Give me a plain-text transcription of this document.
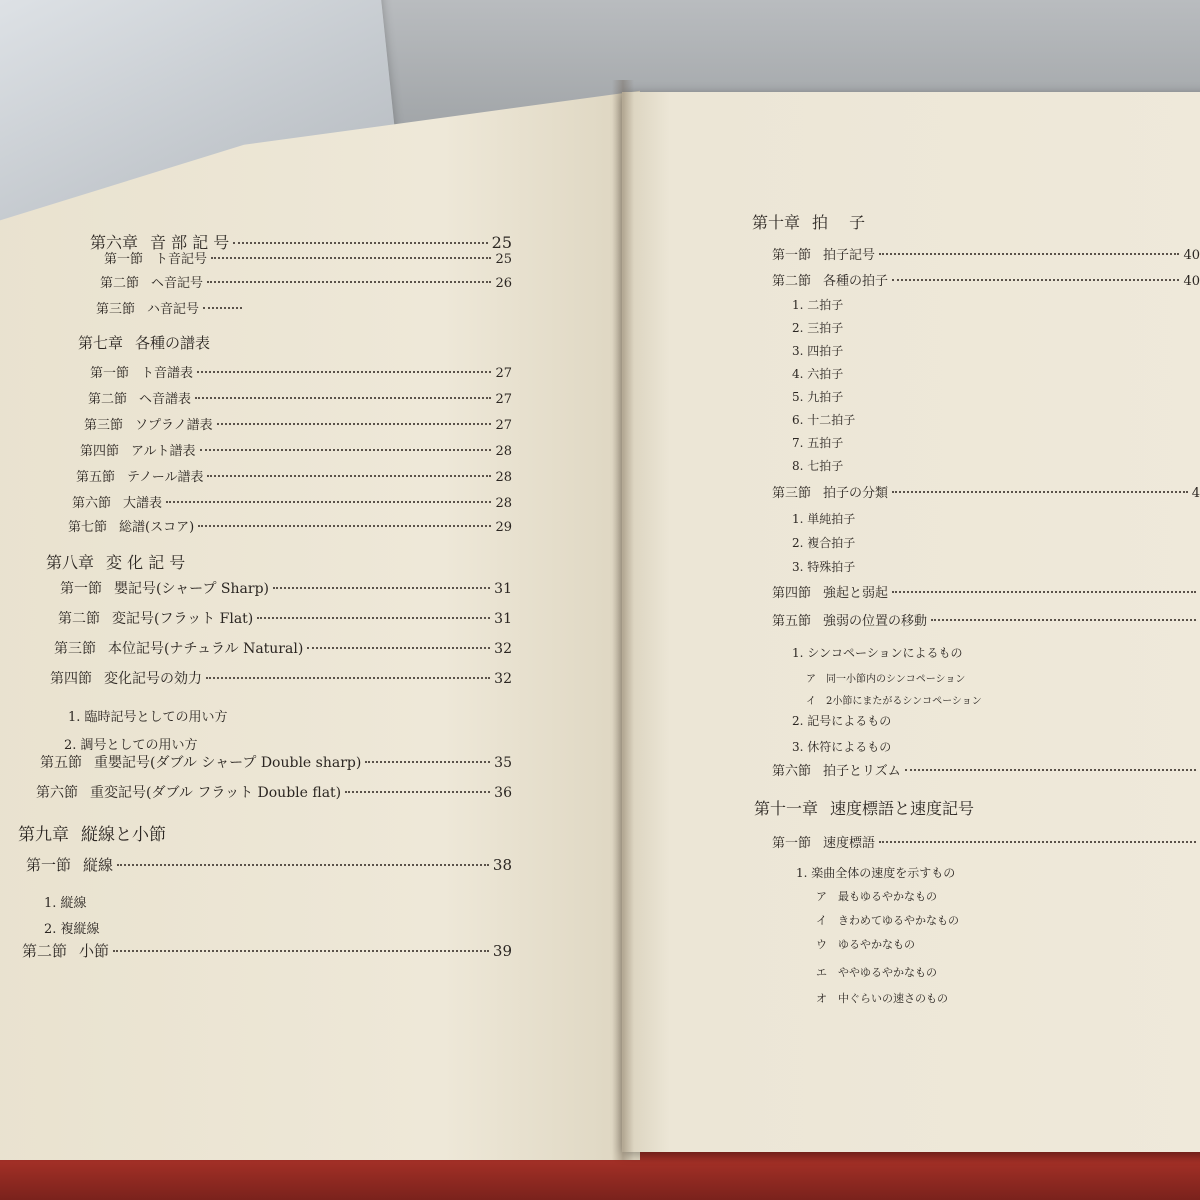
第六章 音 部 記 号	25
第一節 ト音記号	25
第二節 ヘ音記号	26
第三節 ハ音記号
第七章 各種の譜表
第一節 ト音譜表	27
第二節 ヘ音譜表	27
第三節 ソプラノ譜表	27
第四節 アルト譜表	28
第五節 テノール譜表	28
第六節 大譜表	28
第七節 総譜(スコア)	29
第八章 変 化 記 号
第一節 嬰記号(シャープ Sharp)	31
第二節 変記号(フラット Flat)	31
第三節 本位記号(ナチュラル Natural)	32
第四節 変化記号の効力	32
1. 臨時記号としての用い方
2. 調号としての用い方
第五節 重嬰記号(ダブル シャープ Double sharp)	35
第六節 重変記号(ダブル フラット Double flat)	36
第九章 縦線と小節
第一節 縦線	38
1. 縦線
2. 複縦線
第二節 小節	39
第十章 拍　 子
第一節 拍子記号	40
第二節 各種の拍子	40
1. 二拍子
2. 三拍子
3. 四拍子
4. 六拍子
5. 九拍子
6. 十二拍子
7. 五拍子
8. 七拍子
第三節 拍子の分類	4
1. 単純拍子
2. 複合拍子
3. 特殊拍子
第四節 強起と弱起
第五節 強弱の位置の移動
1. シンコペーションによるもの
ア　同一小節内のシンコペーション
イ　2小節にまたがるシンコペーション
2. 記号によるもの
3. 休符によるもの
第六節 拍子とリズム
第十一章 速度標語と速度記号
第一節 速度標語
1. 楽曲全体の速度を示すもの
ア　最もゆるやかなもの
イ　きわめてゆるやかなもの
ウ　ゆるやかなもの
エ　ややゆるやかなもの
オ　中ぐらいの速さのもの
